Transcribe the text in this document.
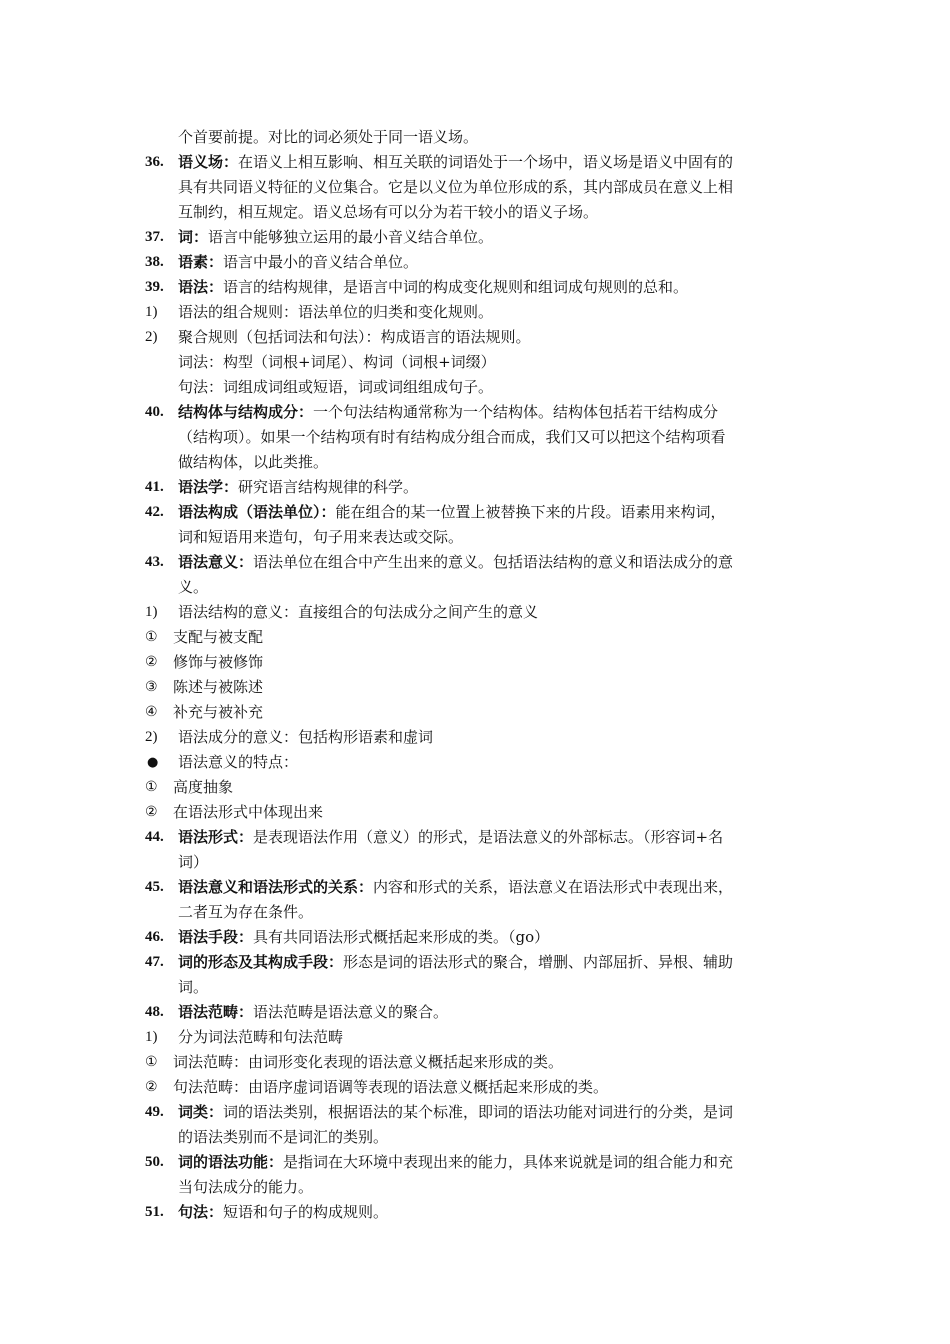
个首要前提。对比的词必须处于同一语义场。
36. 语义场：在语义上相互影响、相互关联的词语处于一个场中，语义场是语义中固有的
具有共同语义特征的义位集合。它是以义位为单位形成的系，其内部成员在意义上相
互制约，相互规定。语义总场有可以分为若干较小的语义子场。
37. 词：语言中能够独立运用的最小音义结合单位。
38. 语素：语言中最小的音义结合单位。
39. 语法：语言的结构规律，是语言中词的构成变化规则和组词成句规则的总和。
1) 语法的组合规则：语法单位的归类和变化规则。
2) 聚合规则（包括词法和句法）：构成语言的语法规则。
词法：构型（词根+词尾）、构词（词根+词缀）
句法：词组成词组或短语，词或词组组成句子。
40. 结构体与结构成分：一个句法结构通常称为一个结构体。结构体包括若干结构成分
（结构项）。如果一个结构项有时有结构成分组合而成，我们又可以把这个结构项看
做结构体，以此类推。
41. 语法学：研究语言结构规律的科学。
42. 语法构成（语法单位）：能在组合的某一位置上被替换下来的片段。语素用来构词，
词和短语用来造句，句子用来表达或交际。
43. 语法意义：语法单位在组合中产生出来的意义。包括语法结构的意义和语法成分的意
义。
1) 语法结构的意义：直接组合的句法成分之间产生的意义
① 支配与被支配
② 修饰与被修饰
③ 陈述与被陈述
④ 补充与被补充
2) 语法成分的意义：包括构形语素和虚词
● 语法意义的特点：
① 高度抽象
② 在语法形式中体现出来
44. 语法形式：是表现语法作用（意义）的形式，是语法意义的外部标志。（形容词+名
词）
45. 语法意义和语法形式的关系：内容和形式的关系，语法意义在语法形式中表现出来，
二者互为存在条件。
46. 语法手段：具有共同语法形式概括起来形成的类。（go）
47. 词的形态及其构成手段：形态是词的语法形式的聚合，增删、内部屈折、异根、辅助
词。
48. 语法范畴：语法范畴是语法意义的聚合。
1) 分为词法范畴和句法范畴
① 词法范畴：由词形变化表现的语法意义概括起来形成的类。
② 句法范畴：由语序虚词语调等表现的语法意义概括起来形成的类。
49. 词类：词的语法类别，根据语法的某个标准，即词的语法功能对词进行的分类，是词
的语法类别而不是词汇的类别。
50. 词的语法功能：是指词在大环境中表现出来的能力，具体来说就是词的组合能力和充
当句法成分的能力。
51. 句法：短语和句子的构成规则。
